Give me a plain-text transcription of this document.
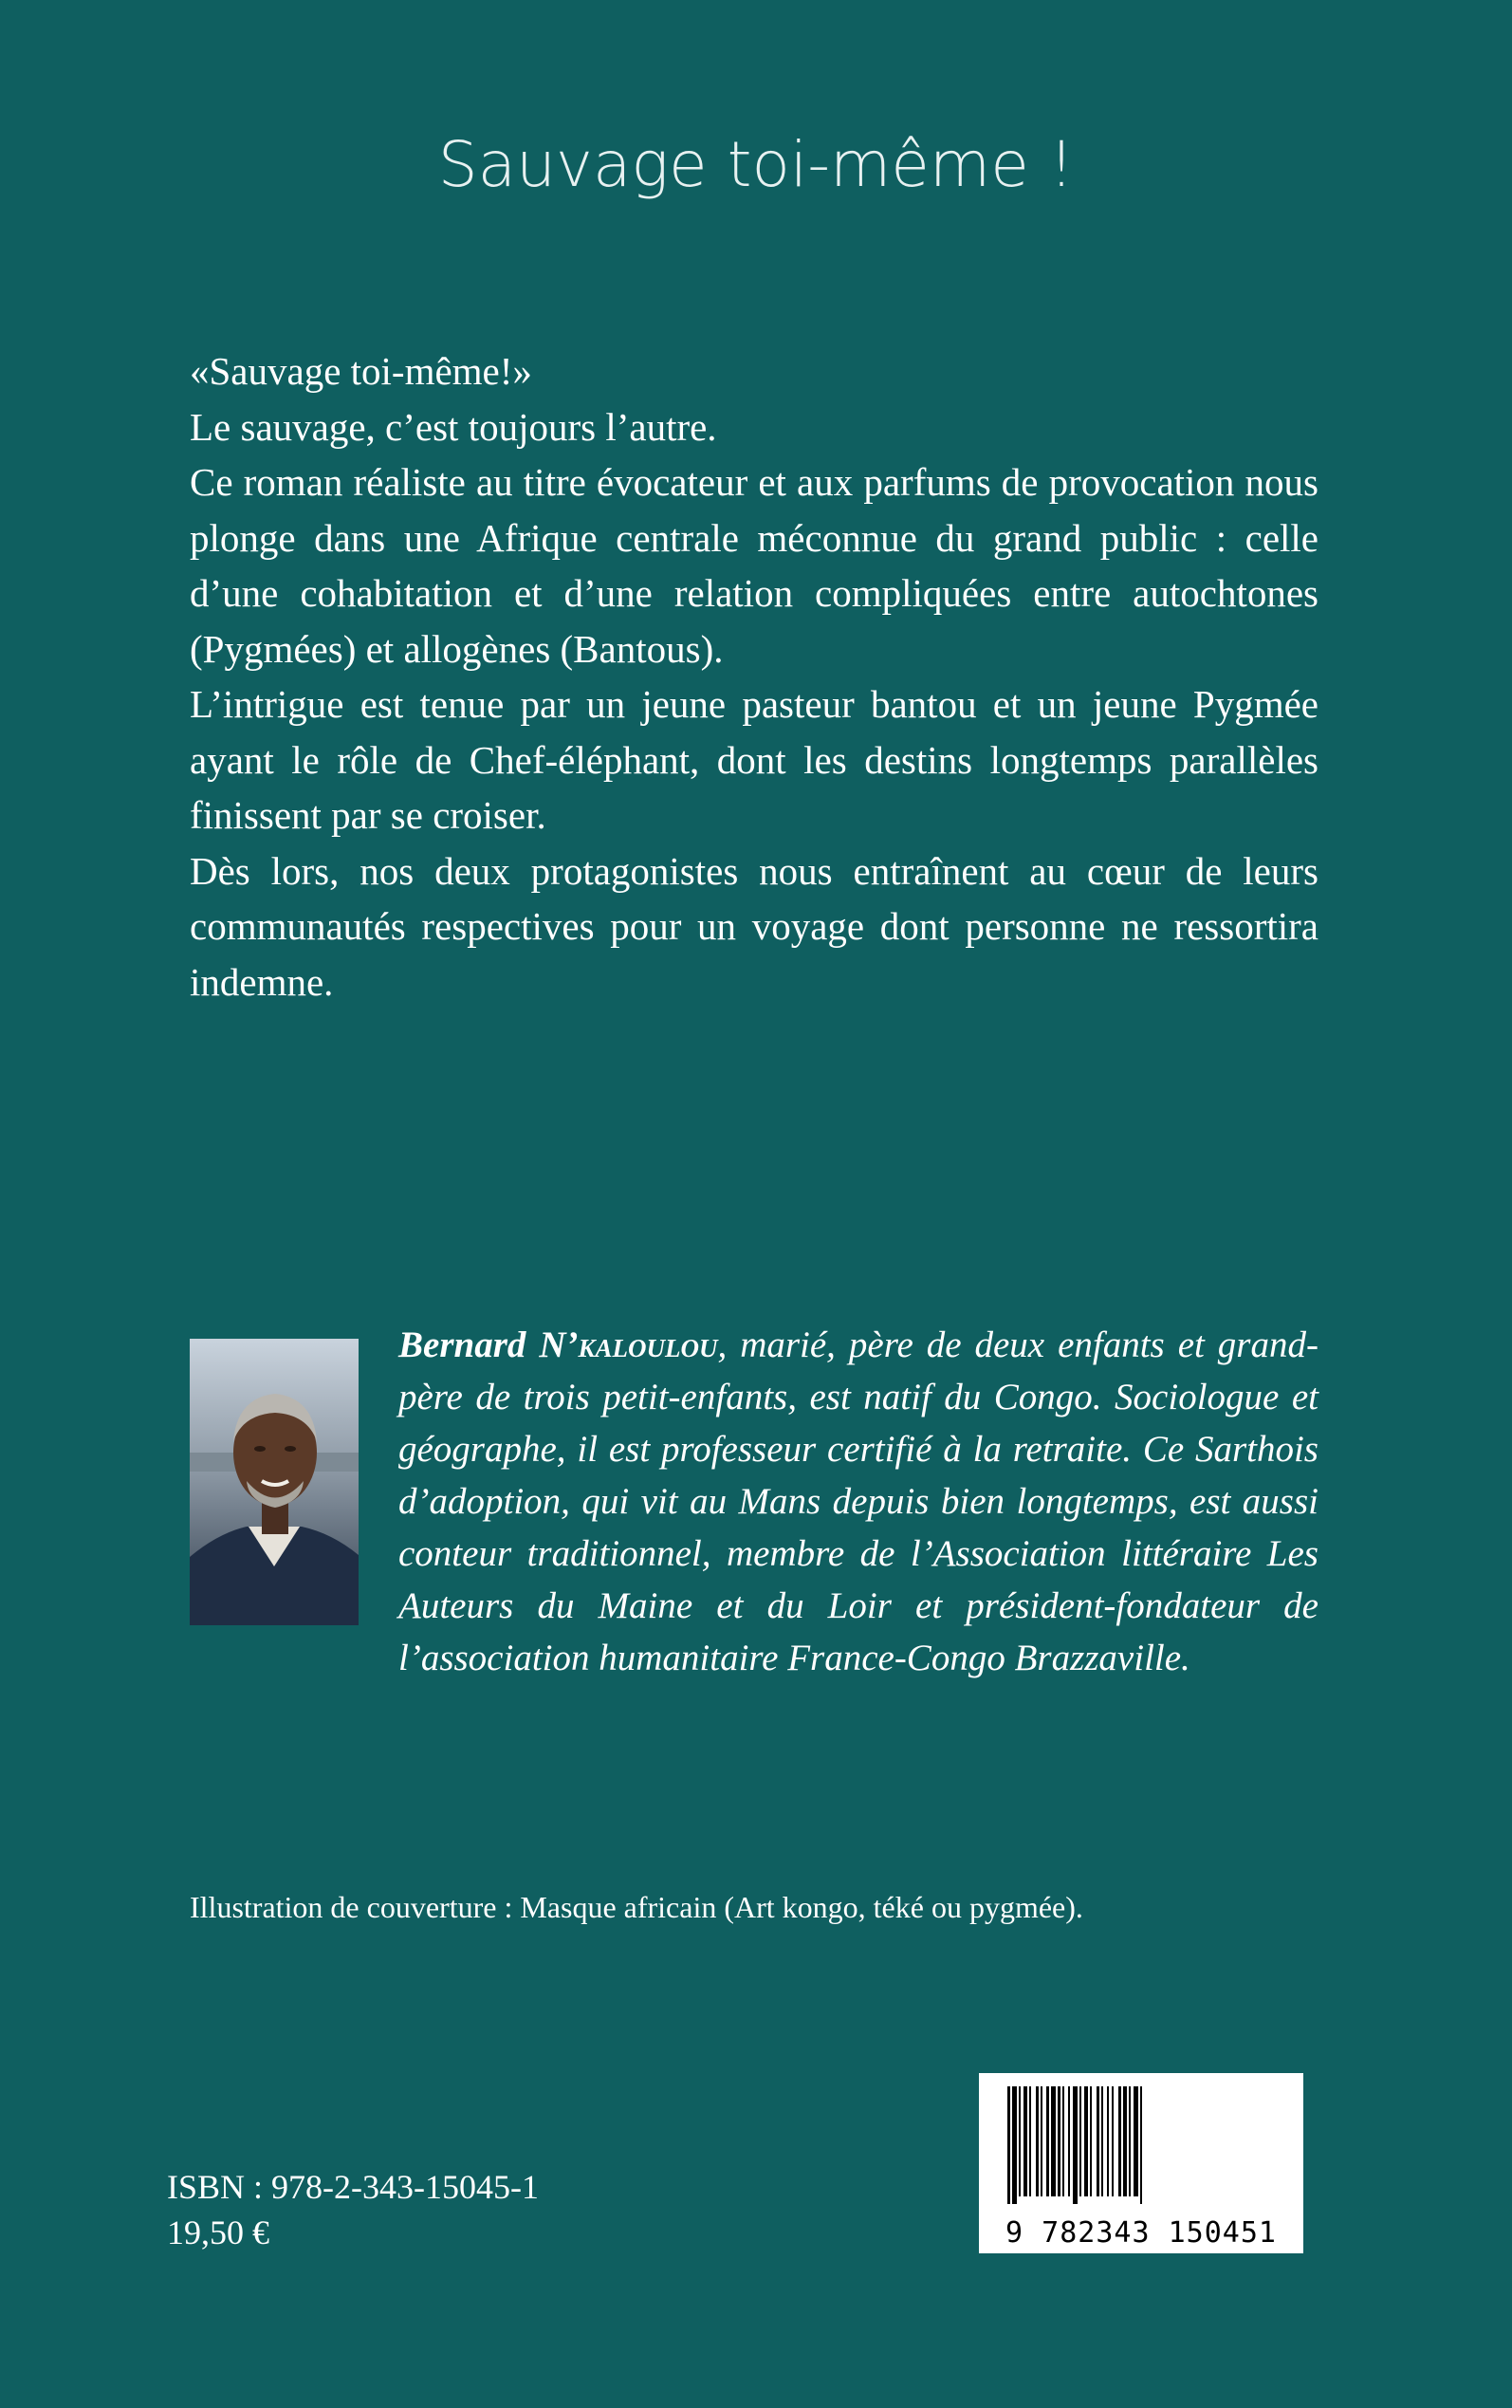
Sauvage toi-même !

«Sauvage toi-même!»

Le sauvage, c’est toujours l’autre.

Ce roman réaliste au titre évocateur et aux parfums de provocation nous plonge dans une Afrique centrale méconnue du grand public : celle d’une cohabitation et d’une relation compliquées entre autochtones (Pygmées) et allogènes (Bantous).

L’intrigue est tenue par un jeune pasteur bantou et un jeune Pygmée ayant le rôle de Chef-éléphant, dont les destins longtemps parallèles finissent par se croiser.

Dès lors, nos deux protagonistes nous entraînent au cœur de leurs communautés respectives pour un voyage dont personne ne ressortira indemne.

Bernard N’kaloulou, marié, père de deux enfants et grand-père de trois petit-enfants, est natif du Congo. Sociologue et géographe, il est professeur certifié à la retraite. Ce Sarthois d’adoption, qui vit au Mans depuis bien longtemps, est aussi conteur traditionnel, membre de l’Association littéraire Les Auteurs du Maine et du Loir et président-fondateur de l’association humanitaire France-Congo Brazzaville.
Illustration de couverture : Masque africain (Art kongo, téké ou pygmée).
ISBN : 978-2-343-15045-1
19,50 €	9 782343 150451
